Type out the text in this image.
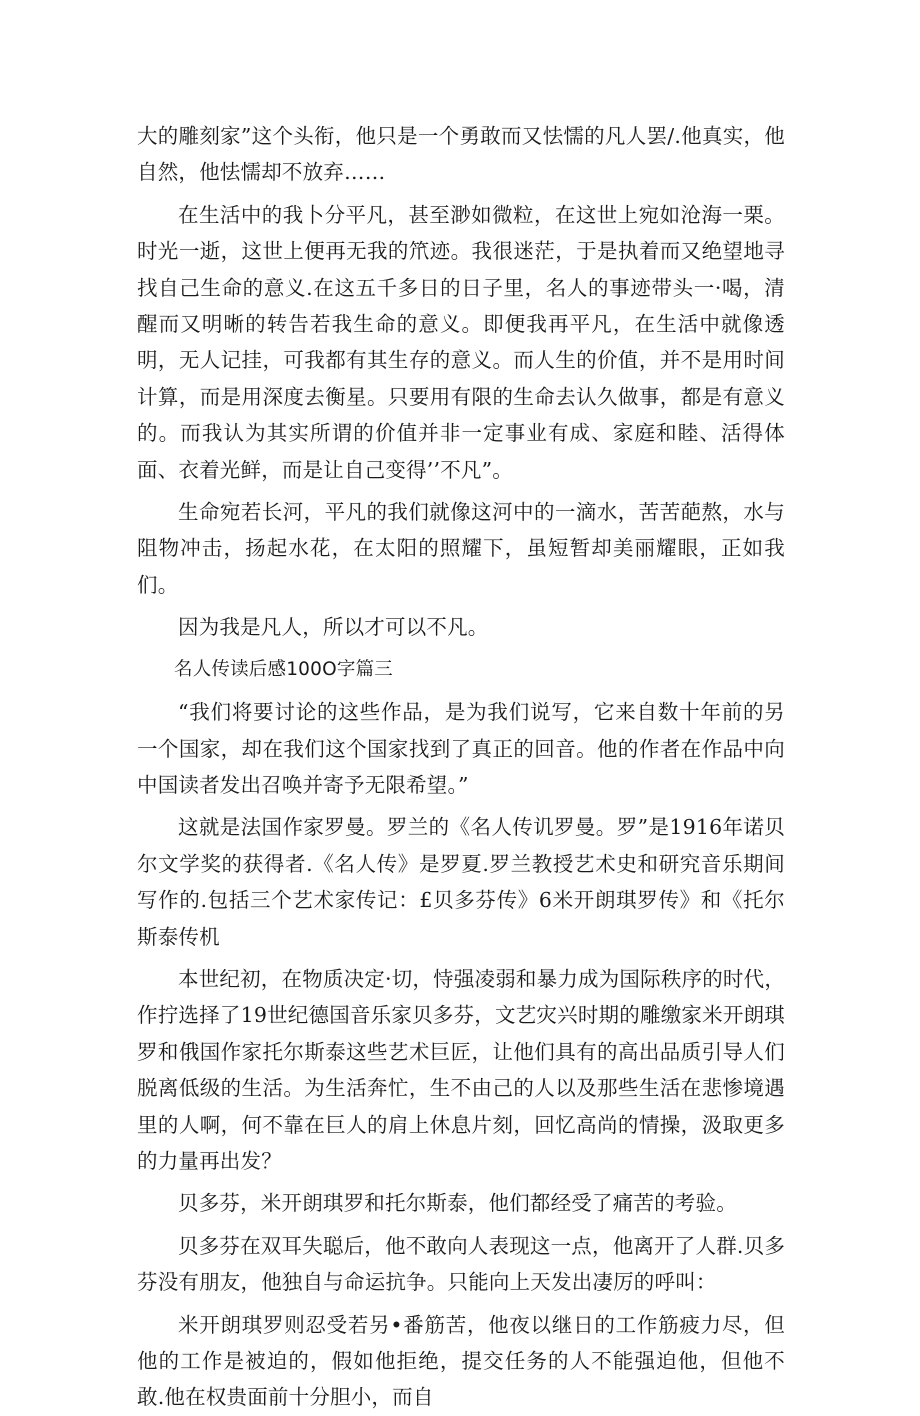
大的雕刻家”这个头衔，他只是一个勇敢而又怯懦的凡人罢/.他真实，他自然，他怯懦却不放弃……

在生活中的我卜分平凡，甚至渺如微粒，在这世上宛如沧海一栗。时光一逝，这世上便再无我的笊迹。我很迷茫，于是执着而又绝望地寻找自己生命的意义.在这五千多日的日子里，名人的事迹带头一·喝，清醒而又明晰的转告若我生命的意义。即便我再平凡，在生活中就像透明，无人记挂，可我都有其生存的意义。而人生的价值，并不是用时间计算，而是用深度去衡星。只要用有限的生命去认久做事，都是有意义的。而我认为其实所谓的价值并非一定事业有成、家庭和睦、活得体面、衣着光鲜，而是让自己变得’’不凡”。

生命宛若长河，平凡的我们就像这河中的一滴水，苦苦葩熬，水与阻物冲击，扬起水花，在太阳的照耀下，虽短暂却美丽耀眼，正如我们。

因为我是凡人，所以才可以不凡。

名人传读后感100O字篇三

“我们将要讨论的这些作品，是为我们说写，它来自数十年前的另一个国家，却在我们这个国家找到了真正的回音。他的作者在作品中向中国读者发出召唤并寄予无限希望。”

这就是法国作家罗曼。罗兰的《名人传讥罗曼。罗”是1916年诺贝尔文学奖的获得者.《名人传》是罗夏.罗兰教授艺术史和研究音乐期间写作的.包括三个艺术家传记：£贝多芬传》6米开朗琪罗传》和《托尔斯泰传机

本世纪初，在物质决定·切，恃强凌弱和暴力成为国际秩序的时代，作拧选择了19世纪德国音乐家贝多芬，文艺灾兴时期的雕缴家米开朗琪罗和俄国作家托尔斯泰这些艺术巨匠，让他们具有的高出品质引导人们脱离低级的生活。为生活奔忙，生不由己的人以及那些生活在悲惨境遇里的人啊，何不靠在巨人的肩上休息片刻，回忆高尚的情操，汲取更多的力量再出发？

贝多芬，米开朗琪罗和托尔斯泰，他们都经受了痛苦的考验。

贝多芬在双耳失聪后，他不敢向人表现这一点，他离开了人群.贝多芬没有朋友，他独自与命运抗争。只能向上天发出凄厉的呼叫：

米开朗琪罗则忍受若另•番筋苦，他夜以继日的工作筋疲力尽，但他的工作是被迫的，假如他拒绝，提交任务的人不能强迫他，但他不敢.他在权贵面前十分胆小，而自
